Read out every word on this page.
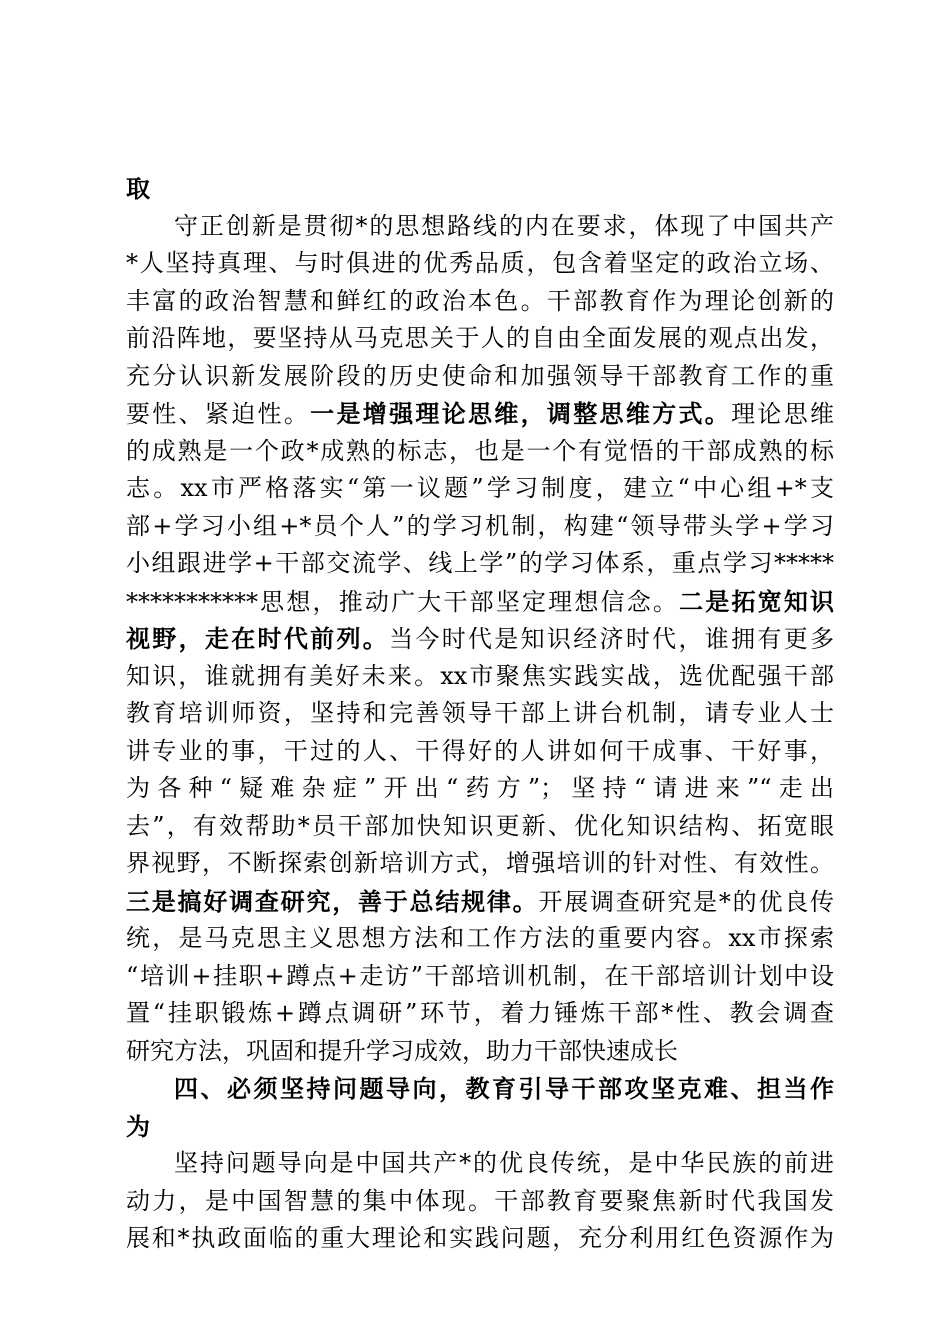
取
守正创新是贯彻*的思想路线的内在要求，体现了中国共产
*人坚持真理、与时俱进的优秀品质，包含着坚定的政治立场、
丰富的政治智慧和鲜红的政治本色。干部教育作为理论创新的
前沿阵地，要坚持从马克思关于人的自由全面发展的观点出发，
充分认识新发展阶段的历史使命和加强领导干部教育工作的重
要性、紧迫性。一是增强理论思维，调整思维方式。理论思维
的成熟是一个政*成熟的标志，也是一个有觉悟的干部成熟的标
志。xx市严格落实“第一议题”学习制度，建立“中心组+*支
部+学习小组+*员个人”的学习机制，构建“领导带头学+学习
小组跟进学+干部交流学、线上学”的学习体系，重点学习*****
***********思想，推动广大干部坚定理想信念。二是拓宽知识
视野，走在时代前列。当今时代是知识经济时代，谁拥有更多
知识，谁就拥有美好未来。xx市聚焦实践实战，选优配强干部
教育培训师资，坚持和完善领导干部上讲台机制，请专业人士
讲专业的事，干过的人、干得好的人讲如何干成事、干好事，
为各种“疑难杂症”开出“药方”；坚持“请进来”“走出
去”，有效帮助*员干部加快知识更新、优化知识结构、拓宽眼
界视野，不断探索创新培训方式，增强培训的针对性、有效性。
三是搞好调查研究，善于总结规律。开展调查研究是*的优良传
统，是马克思主义思想方法和工作方法的重要内容。xx市探索
“培训+挂职+蹲点+走访”干部培训机制，在干部培训计划中设
置“挂职锻炼+蹲点调研”环节，着力锤炼干部*性、教会调查
研究方法，巩固和提升学习成效，助力干部快速成长
四、必须坚持问题导向，教育引导干部攻坚克难、担当作
为
坚持问题导向是中国共产*的优良传统，是中华民族的前进
动力，是中国智慧的集中体现。干部教育要聚焦新时代我国发
展和*执政面临的重大理论和实践问题，充分利用红色资源作为
